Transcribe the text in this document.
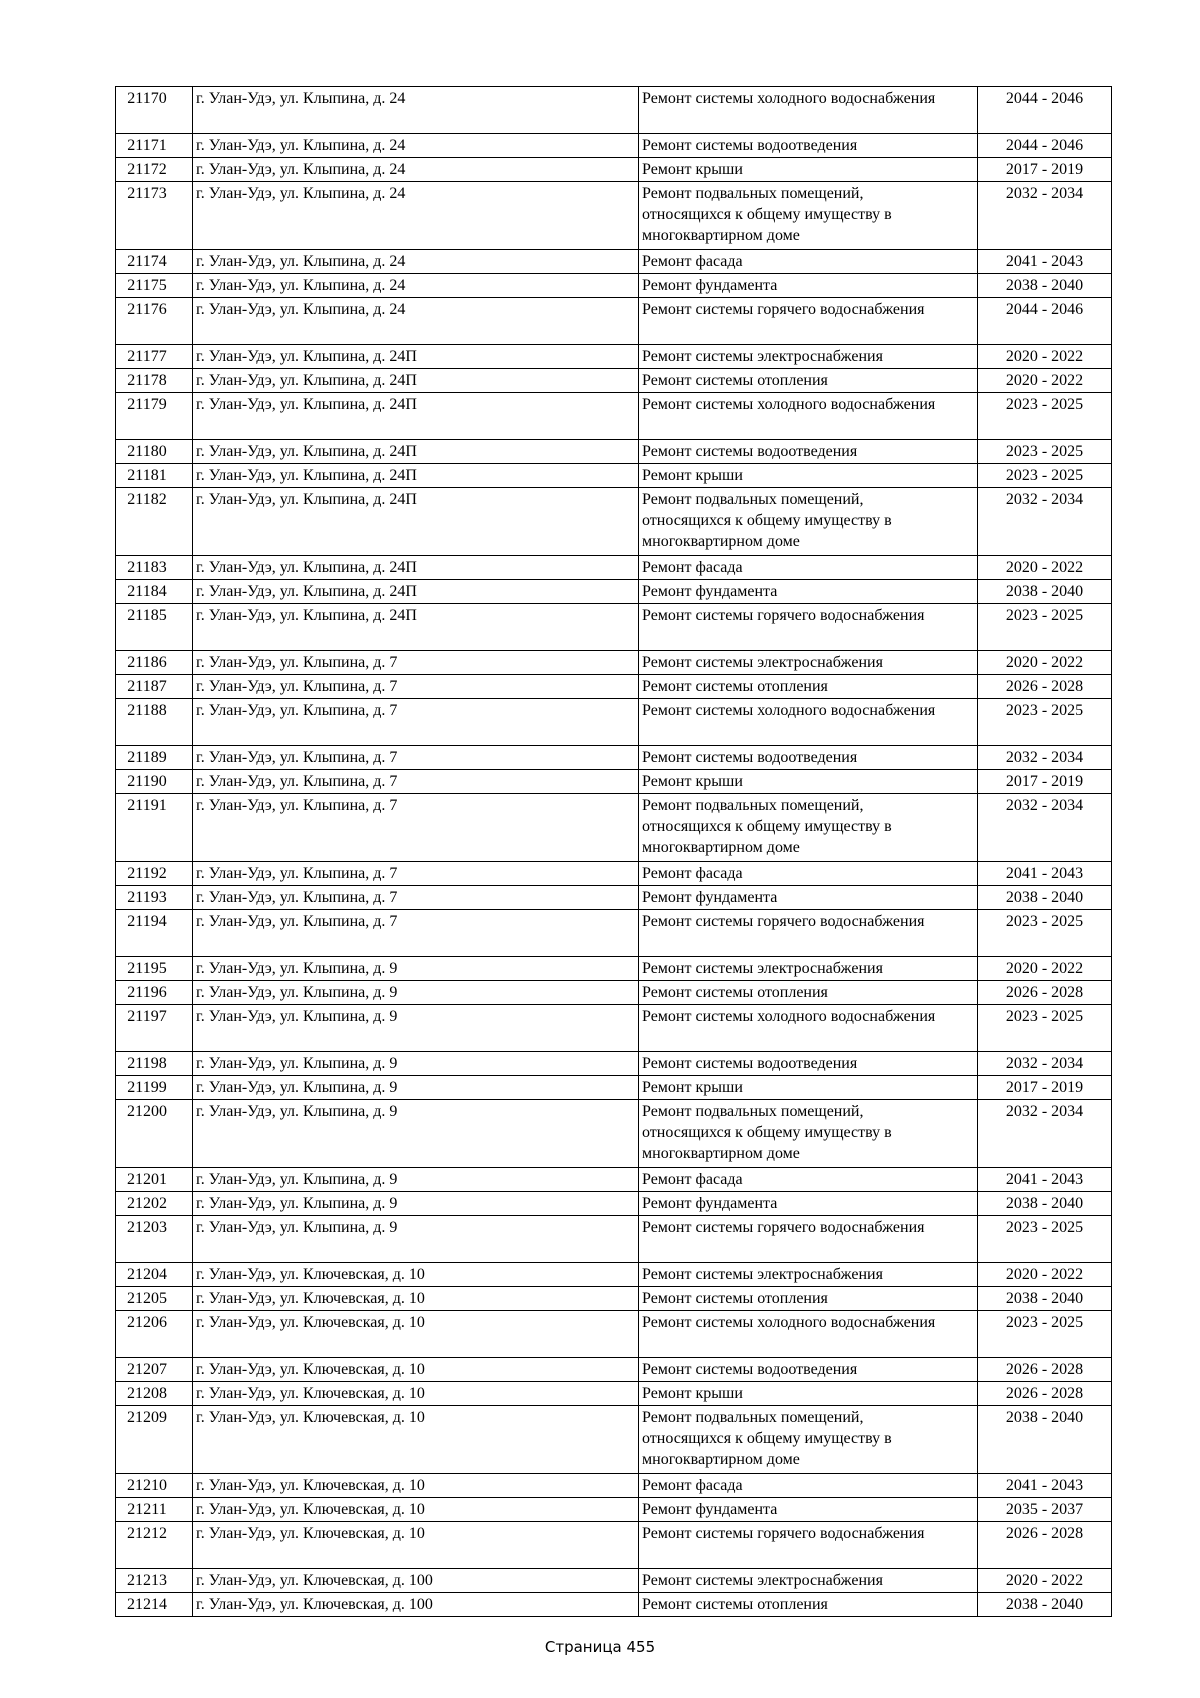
21170	г. Улан-Удэ, ул. Клыпина, д. 24	Ремонт системы холодного водоснабжения	2044 - 2046
21171	г. Улан-Удэ, ул. Клыпина, д. 24	Ремонт системы водоотведения	2044 - 2046
21172	г. Улан-Удэ, ул. Клыпина, д. 24	Ремонт крыши	2017 - 2019
21173	г. Улан-Удэ, ул. Клыпина, д. 24	Ремонт подвальных помещений,
относящихся к общему имуществу в
многоквартирном доме	2032 - 2034
21174	г. Улан-Удэ, ул. Клыпина, д. 24	Ремонт фасада	2041 - 2043
21175	г. Улан-Удэ, ул. Клыпина, д. 24	Ремонт фундамента	2038 - 2040
21176	г. Улан-Удэ, ул. Клыпина, д. 24	Ремонт системы горячего водоснабжения	2044 - 2046
21177	г. Улан-Удэ, ул. Клыпина, д. 24П	Ремонт системы электроснабжения	2020 - 2022
21178	г. Улан-Удэ, ул. Клыпина, д. 24П	Ремонт системы отопления	2020 - 2022
21179	г. Улан-Удэ, ул. Клыпина, д. 24П	Ремонт системы холодного водоснабжения	2023 - 2025
21180	г. Улан-Удэ, ул. Клыпина, д. 24П	Ремонт системы водоотведения	2023 - 2025
21181	г. Улан-Удэ, ул. Клыпина, д. 24П	Ремонт крыши	2023 - 2025
21182	г. Улан-Удэ, ул. Клыпина, д. 24П	Ремонт подвальных помещений,
относящихся к общему имуществу в
многоквартирном доме	2032 - 2034
21183	г. Улан-Удэ, ул. Клыпина, д. 24П	Ремонт фасада	2020 - 2022
21184	г. Улан-Удэ, ул. Клыпина, д. 24П	Ремонт фундамента	2038 - 2040
21185	г. Улан-Удэ, ул. Клыпина, д. 24П	Ремонт системы горячего водоснабжения	2023 - 2025
21186	г. Улан-Удэ, ул. Клыпина, д. 7	Ремонт системы электроснабжения	2020 - 2022
21187	г. Улан-Удэ, ул. Клыпина, д. 7	Ремонт системы отопления	2026 - 2028
21188	г. Улан-Удэ, ул. Клыпина, д. 7	Ремонт системы холодного водоснабжения	2023 - 2025
21189	г. Улан-Удэ, ул. Клыпина, д. 7	Ремонт системы водоотведения	2032 - 2034
21190	г. Улан-Удэ, ул. Клыпина, д. 7	Ремонт крыши	2017 - 2019
21191	г. Улан-Удэ, ул. Клыпина, д. 7	Ремонт подвальных помещений,
относящихся к общему имуществу в
многоквартирном доме	2032 - 2034
21192	г. Улан-Удэ, ул. Клыпина, д. 7	Ремонт фасада	2041 - 2043
21193	г. Улан-Удэ, ул. Клыпина, д. 7	Ремонт фундамента	2038 - 2040
21194	г. Улан-Удэ, ул. Клыпина, д. 7	Ремонт системы горячего водоснабжения	2023 - 2025
21195	г. Улан-Удэ, ул. Клыпина, д. 9	Ремонт системы электроснабжения	2020 - 2022
21196	г. Улан-Удэ, ул. Клыпина, д. 9	Ремонт системы отопления	2026 - 2028
21197	г. Улан-Удэ, ул. Клыпина, д. 9	Ремонт системы холодного водоснабжения	2023 - 2025
21198	г. Улан-Удэ, ул. Клыпина, д. 9	Ремонт системы водоотведения	2032 - 2034
21199	г. Улан-Удэ, ул. Клыпина, д. 9	Ремонт крыши	2017 - 2019
21200	г. Улан-Удэ, ул. Клыпина, д. 9	Ремонт подвальных помещений,
относящихся к общему имуществу в
многоквартирном доме	2032 - 2034
21201	г. Улан-Удэ, ул. Клыпина, д. 9	Ремонт фасада	2041 - 2043
21202	г. Улан-Удэ, ул. Клыпина, д. 9	Ремонт фундамента	2038 - 2040
21203	г. Улан-Удэ, ул. Клыпина, д. 9	Ремонт системы горячего водоснабжения	2023 - 2025
21204	г. Улан-Удэ, ул. Ключевская, д. 10	Ремонт системы электроснабжения	2020 - 2022
21205	г. Улан-Удэ, ул. Ключевская, д. 10	Ремонт системы отопления	2038 - 2040
21206	г. Улан-Удэ, ул. Ключевская, д. 10	Ремонт системы холодного водоснабжения	2023 - 2025
21207	г. Улан-Удэ, ул. Ключевская, д. 10	Ремонт системы водоотведения	2026 - 2028
21208	г. Улан-Удэ, ул. Ключевская, д. 10	Ремонт крыши	2026 - 2028
21209	г. Улан-Удэ, ул. Ключевская, д. 10	Ремонт подвальных помещений,
относящихся к общему имуществу в
многоквартирном доме	2038 - 2040
21210	г. Улан-Удэ, ул. Ключевская, д. 10	Ремонт фасада	2041 - 2043
21211	г. Улан-Удэ, ул. Ключевская, д. 10	Ремонт фундамента	2035 - 2037
21212	г. Улан-Удэ, ул. Ключевская, д. 10	Ремонт системы горячего водоснабжения	2026 - 2028
21213	г. Улан-Удэ, ул. Ключевская, д. 100	Ремонт системы электроснабжения	2020 - 2022
21214	г. Улан-Удэ, ул. Ключевская, д. 100	Ремонт системы отопления	2038 - 2040
Страница 455
